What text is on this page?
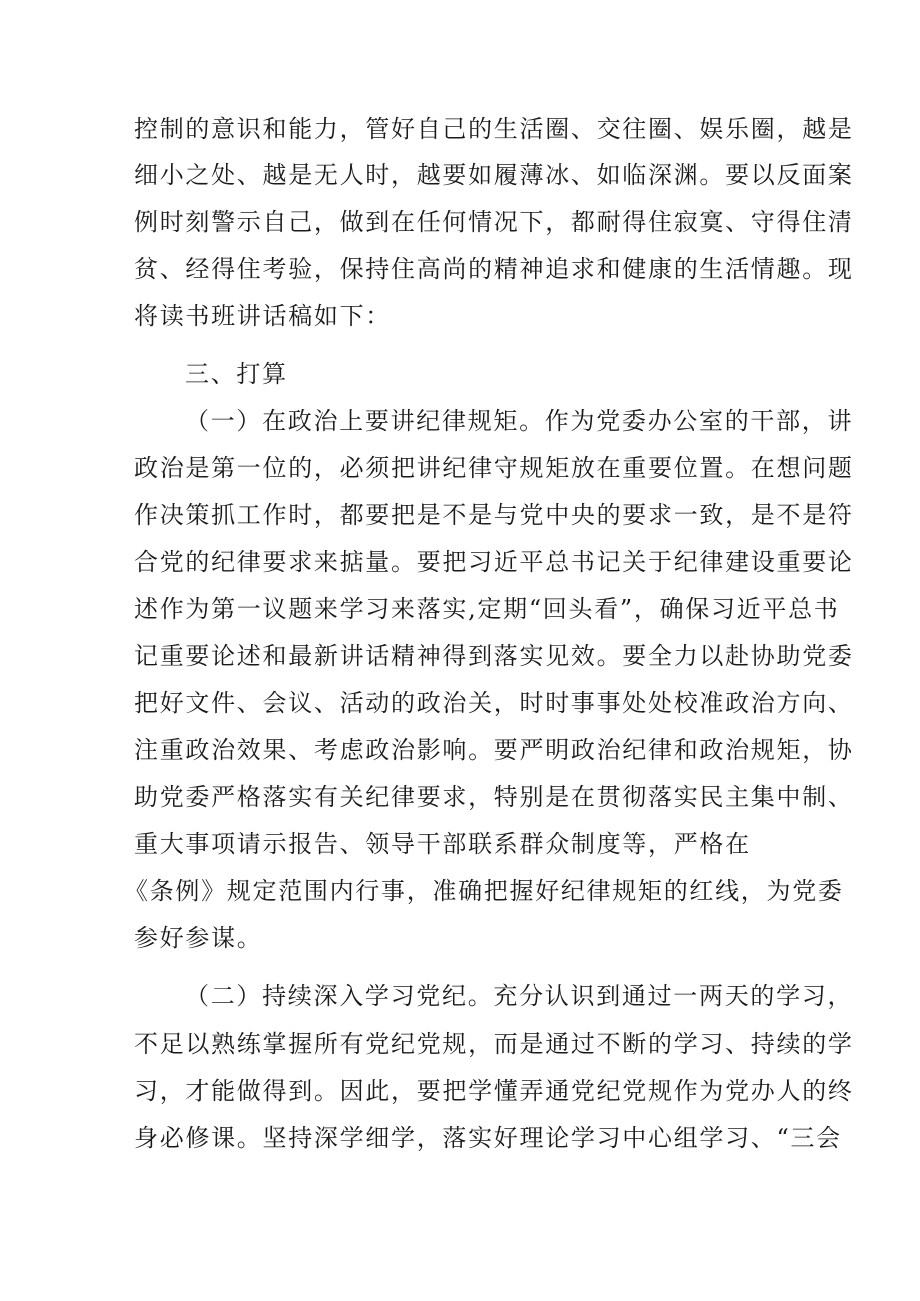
控制的意识和能力，管好自己的生活圈、交往圈、娱乐圈，越是
细小之处、越是无人时，越要如履薄冰、如临深渊。要以反面案
例时刻警示自己，做到在任何情况下，都耐得住寂寞、守得住清
贫、经得住考验，保持住高尚的精神追求和健康的生活情趣。现
将读书班讲话稿如下：
三、打算
（一）在政治上要讲纪律规矩。作为党委办公室的干部，讲
政治是第一位的，必须把讲纪律守规矩放在重要位置。在想问题
作决策抓工作时，都要把是不是与党中央的要求一致，是不是符
合党的纪律要求来掂量。要把习近平总书记关于纪律建设重要论
述作为第一议题来学习来落实,定期“回头看”，确保习近平总书
记重要论述和最新讲话精神得到落实见效。要全力以赴协助党委
把好文件、会议、活动的政治关，时时事事处处校准政治方向、
注重政治效果、考虑政治影响。要严明政治纪律和政治规矩，协
助党委严格落实有关纪律要求，特别是在贯彻落实民主集中制、
重大事项请示报告、领导干部联系群众制度等，严格在
《条例》规定范围内行事，准确把握好纪律规矩的红线，为党委
参好参谋。
（二）持续深入学习党纪。充分认识到通过一两天的学习，
不足以熟练掌握所有党纪党规，而是通过不断的学习、持续的学
习，才能做得到。因此，要把学懂弄通党纪党规作为党办人的终
身必修课。坚持深学细学，落实好理论学习中心组学习、“三会
